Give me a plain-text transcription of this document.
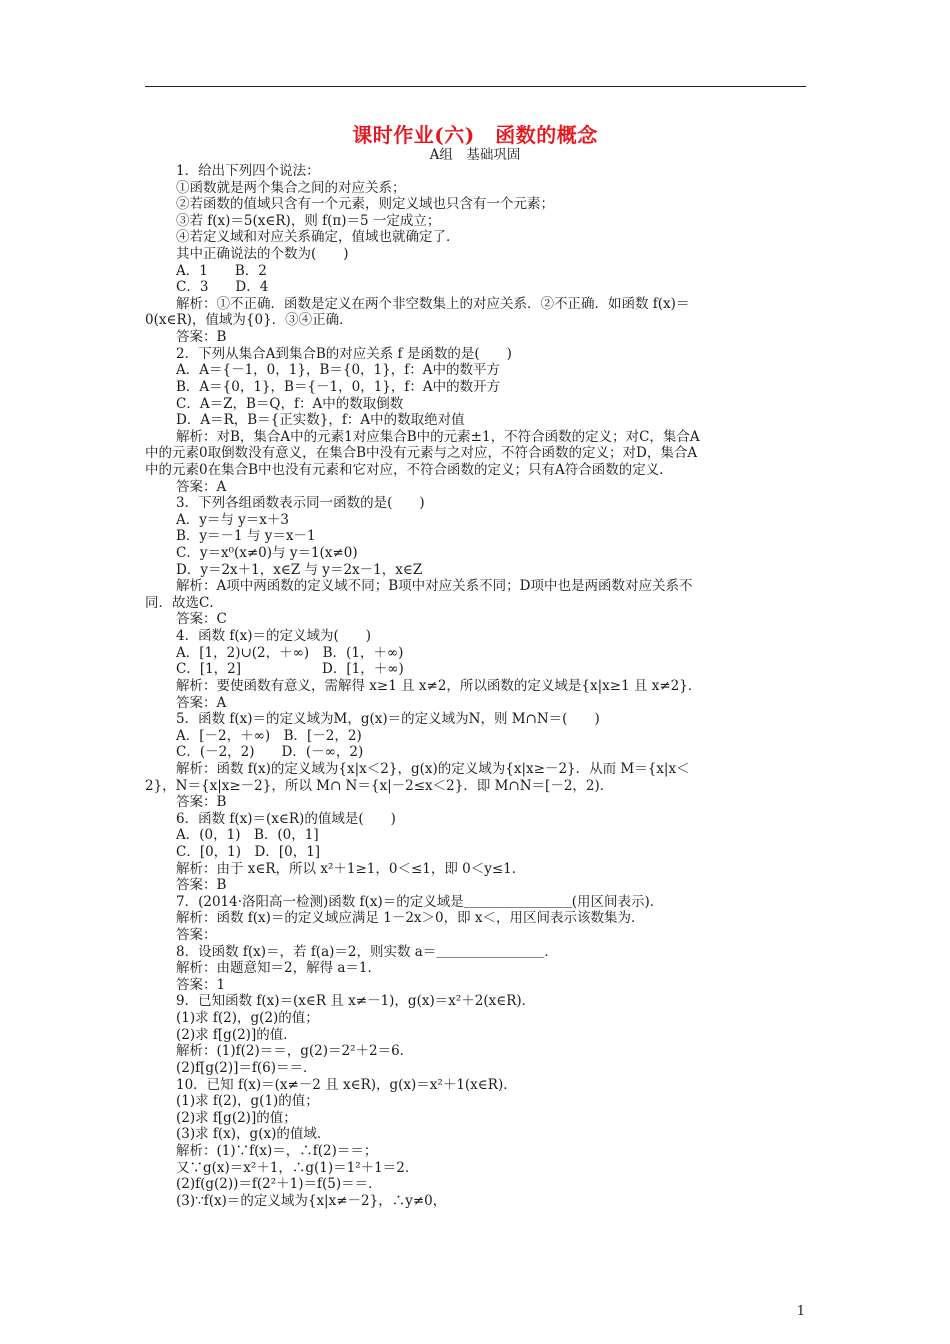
课时作业(六)　函数的概念
A组　基础巩固
1．给出下列四个说法：
①函数就是两个集合之间的对应关系；
②若函数的值域只含有一个元素，则定义域也只含有一个元素；
③若 f(x)＝5(x∈R)，则 f(π)＝5 一定成立；
④若定义域和对应关系确定，值域也就确定了．
其中正确说法的个数为(　　)
A．1　　B．2
C．3　　D．4
解析：①不正确．函数是定义在两个非空数集上的对应关系．②不正确．如函数 f(x)＝
0(x∈R)，值域为{0}．③④正确．
答案：B
2．下列从集合A到集合B的对应关系 f 是函数的是(　　)
A．A＝{－1，0，1}，B＝{0，1}，f：A中的数平方
B．A＝{0，1}，B＝{－1，0，1}，f：A中的数开方
C．A＝Z，B＝Q，f：A中的数取倒数
D．A＝R，B＝{正实数}，f：A中的数取绝对值
解析：对B，集合A中的元素1对应集合B中的元素±1，不符合函数的定义；对C，集合A
中的元素0取倒数没有意义，在集合B中没有元素与之对应，不符合函数的定义；对D，集合A
中的元素0在集合B中也没有元素和它对应，不符合函数的定义；只有A符合函数的定义．
答案：A
3．下列各组函数表示同一函数的是(　　)
A．y＝与 y＝x＋3
B．y＝－1 与 y＝x－1
C．y＝x⁰(x≠0)与 y＝1(x≠0)
D．y＝2x＋1，x∈Z 与 y＝2x－1，x∈Z
解析：A项中两函数的定义域不同；B项中对应关系不同；D项中也是两函数对应关系不
同．故选C．
答案：C
4．函数 f(x)＝的定义域为(　　)
A．[1，2)∪(2，＋∞)　B．(1，＋∞)
C．[1，2]　　　　　　D．[1，＋∞)
解析：要使函数有意义，需解得 x≥1 且 x≠2，所以函数的定义域是{x|x≥1 且 x≠2}．
答案：A
5．函数 f(x)＝的定义域为M，g(x)＝的定义域为N，则 M∩N＝(　　)
A．[－2，＋∞)　B．[－2，2)
C．(－2，2)　　D．(－∞，2)
解析：函数 f(x)的定义域为{x|x＜2}，g(x)的定义域为{x|x≥－2}．从而 M＝{x|x＜
2}，N＝{x|x≥－2}，所以 M∩ N＝{x|－2≤x＜2}．即 M∩N＝[－2，2)．
答案：B
6．函数 f(x)＝(x∈R)的值域是(　　)
A．(0，1)　B．(0，1]
C．[0，1)　D．[0，1]
解析：由于 x∈R，所以 x²＋1≥1，0＜≤1，即 0＜y≤1．
答案：B
7．(2014·洛阳高一检测)函数 f(x)＝的定义域是＿＿＿＿＿＿＿＿(用区间表示)．
解析：函数 f(x)＝的定义域应满足 1－2x＞0，即 x＜，用区间表示该数集为．
答案：
8．设函数 f(x)＝，若 f(a)＝2，则实数 a＝＿＿＿＿＿＿＿＿．
解析：由题意知＝2，解得 a＝1．
答案：1
9．已知函数 f(x)＝(x∈R 且 x≠－1)，g(x)＝x²＋2(x∈R)．
(1)求 f(2)，g(2)的值；
(2)求 f[g(2)]的值．
解析：(1)f(2)＝＝，g(2)＝2²＋2＝6．
(2)f[g(2)]＝f(6)＝＝．
10．已知 f(x)＝(x≠－2 且 x∈R)，g(x)＝x²＋1(x∈R)．
(1)求 f(2)，g(1)的值；
(2)求 f[g(2)]的值；
(3)求 f(x)，g(x)的值域．
解析：(1)∵f(x)＝，∴f(2)＝＝；
又∵g(x)＝x²＋1，∴g(1)＝1²＋1＝2．
(2)f(g(2))＝f(2²＋1)＝f(5)＝＝．
(3)∵f(x)＝的定义域为{x|x≠－2}，∴y≠0，
1
